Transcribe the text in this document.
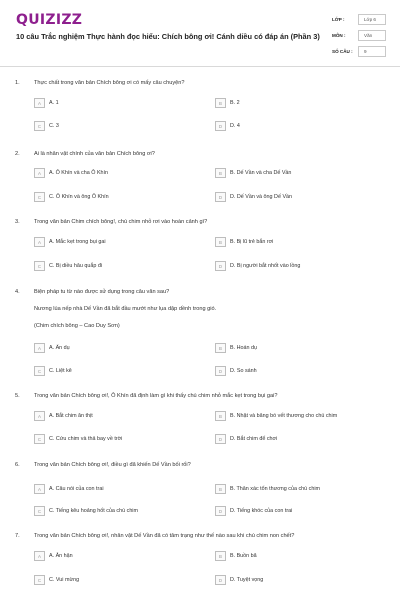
QUIZIZZ
10 câu Trắc nghiệm Thực hành đọc hiểu: Chích bông ơi! Cánh diều có đáp án (Phần 3)
LỚP :	Lớp 6
MÔN :	Văn
SỐ CÂU :	9
1.	Thực chất trong văn bản Chích bông ơi có mấy câu chuyện?
A	A. 1	B	B. 2
C	C. 3	D	D. 4
2.	Ai là nhân vật chính của văn bản Chích bông ơi?
A	A. Ô Khín và cha Ô Khín	B	B. Dế Vần và cha Dế Vần
C	C. Ô Khín và ông Ô Khín	D	D. Dế Vần và ông Dế Vần
3.	Trong văn bản Chim chích bông!, chú chim nhỏ rơi vào hoàn cảnh gì?
A	A. Mắc kẹt trong bụi gai	B	B. Bị lũ trẻ bắn rơi
C	C. Bị diều hâu quắp đi	D	D. Bị người bắt nhốt vào lồng
4.	Biện pháp tu từ nào được sử dụng trong câu văn sau?
Nương lúa nếp nhà Dế Vần đã bắt đầu mướt như lụa dập dềnh trong gió.
(Chim chích bông – Cao Duy Sơn)
A	A. Ẩn dụ	B	B. Hoán dụ
C	C. Liệt kê	D	D. So sánh
5.	Trong văn bản Chích bông ơi!, Ô Khín đã định làm gì khi thấy chú chim nhỏ mắc kẹt trong bụi gai?
A	A. Bắt chim ăn thịt	B	B. Nhặt và băng bó vết thương cho chú chim
C	C. Cứu chim và thả bay về trời	D	D. Bắt chim để chơi
6.	Trong văn bản Chích bông ơi!, điều gì đã khiến Dế Vần bối rối?
A	A. Câu nói của con trai	B	B. Thân xác tổn thương của chú chim
C	C. Tiếng kêu hoảng hốt của chú chim	D	D. Tiếng khóc của con trai
7.	Trong văn bản Chích bông ơi!, nhân vật Dế Vần đã có tâm trạng như thế nào sau khi chú chim non chết?
A	A. Ân hận	B	B. Buồn bã
C	C. Vui mừng	D	D. Tuyệt vọng
